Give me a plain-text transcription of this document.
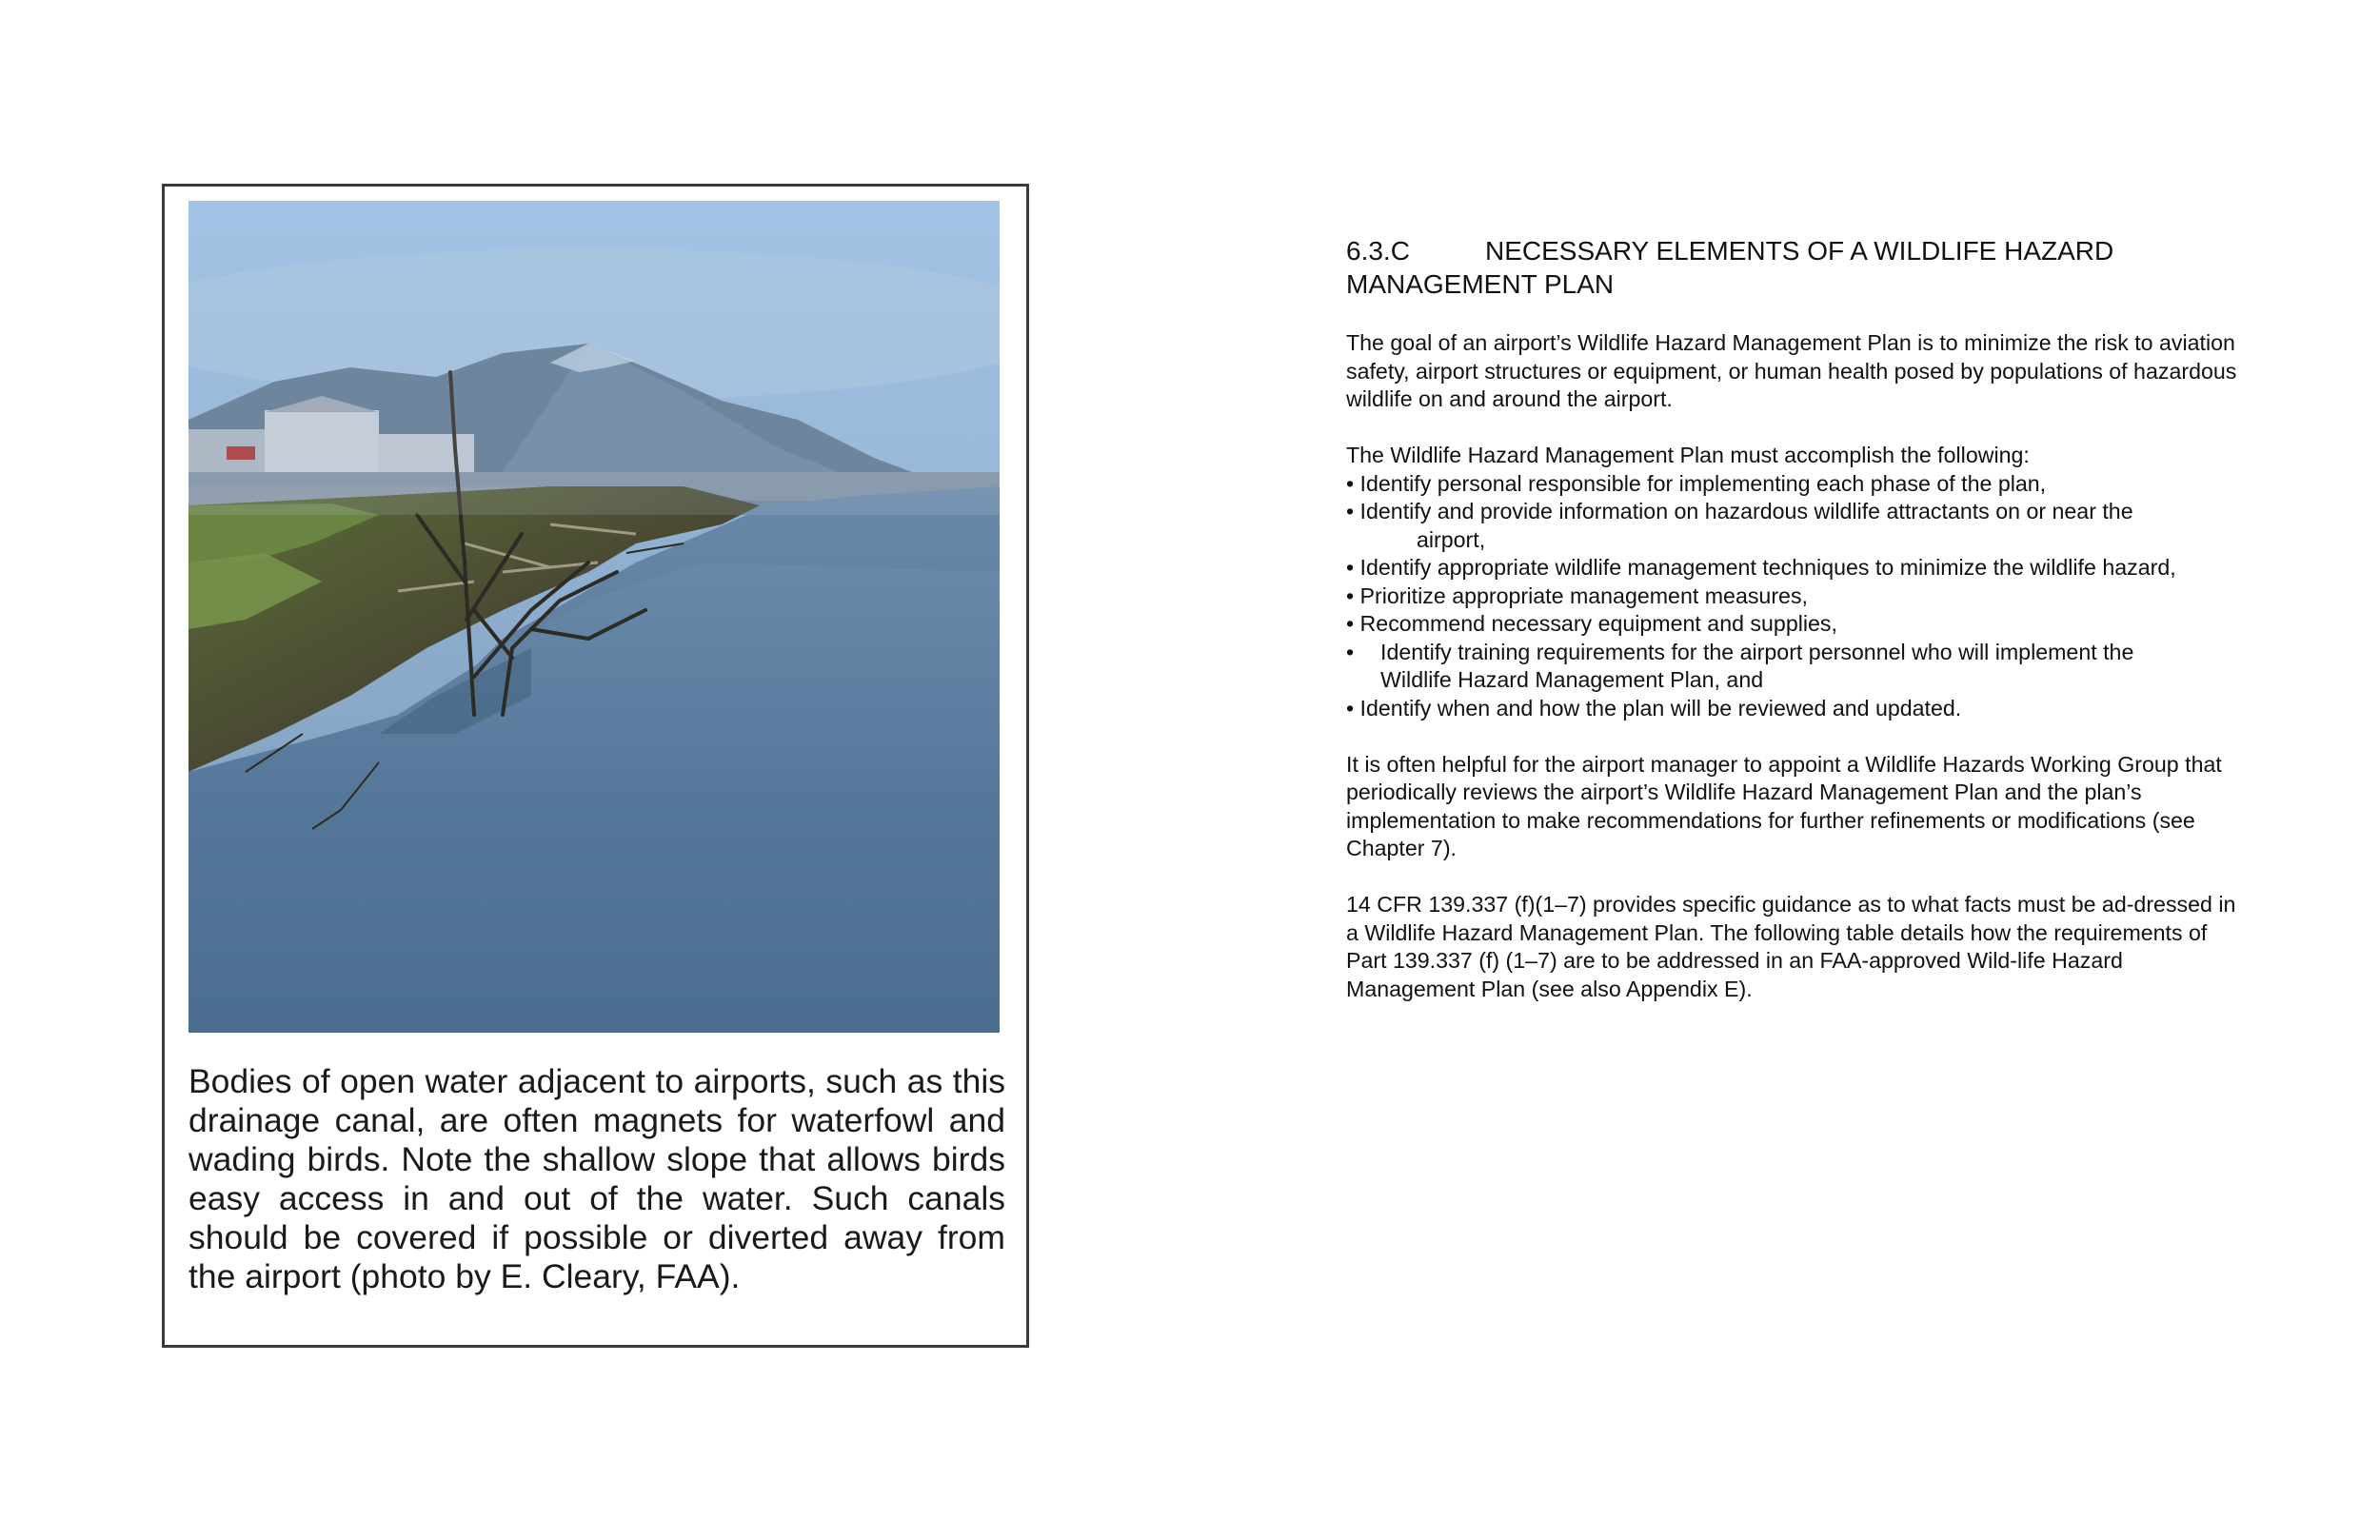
Bodies of open water adjacent to airports, such as this drainage canal, are often magnets for waterfowl and wading birds. Note the shallow slope that allows birds easy access in and out of the water. Such canals should be covered if possible or diverted away from the airport (photo by E. Cleary, FAA).

6.3.C	NECESSARY ELEMENTS OF A WILDLIFE HAZARD
MANAGEMENT PLAN

The goal of an airport’s Wildlife Hazard Management Plan is to minimize the risk to aviation safety, airport structures or equipment, or human health posed by populations of hazardous wildlife on and around the airport.

The Wildlife Hazard Management Plan must accomplish the following:
• Identify personal responsible for implementing each phase of the plan,
• Identify and provide information on hazardous wildlife attractants on or near the
airport,
• Identify appropriate wildlife management techniques to minimize the wildlife hazard,
• Prioritize appropriate management measures,
• Recommend necessary equipment and supplies,
• Identify training requirements for the airport personnel who will implement the
Wildlife Hazard Management Plan, and
• Identify when and how the plan will be reviewed and updated.

It is often helpful for the airport manager to appoint a Wildlife Hazards Working Group that periodically reviews the airport’s Wildlife Hazard Management Plan and the plan’s implementation to make recommendations for further refinements or modifications (see Chapter 7).

14 CFR 139.337 (f)(1–7) provides specific guidance as to what facts must be ad-dressed in a Wildlife Hazard Management Plan. The following table details how the requirements of Part 139.337 (f) (1–7) are to be addressed in an FAA-approved Wild-life Hazard Management Plan (see also Appendix E).
